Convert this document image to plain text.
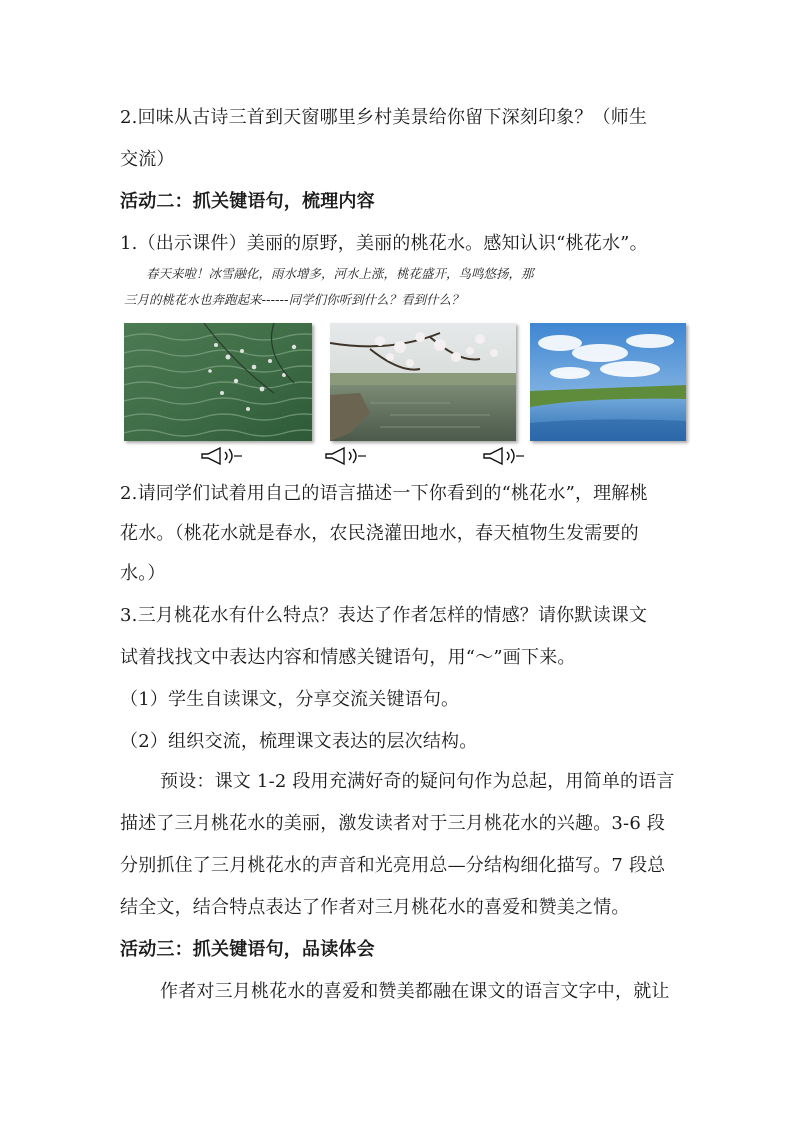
2.回味从古诗三首到天窗哪里乡村美景给你留下深刻印象？（师生
交流）
活动二：抓关键语句，梳理内容
1.（出示课件）美丽的原野，美丽的桃花水。感知认识“桃花水”。
春天来啦！冰雪融化，雨水增多，河水上涨，桃花盛开，鸟鸣悠扬，那
三月的桃花水也奔跑起来------同学们你听到什么？看到什么？
2.请同学们试着用自己的语言描述一下你看到的“桃花水”，理解桃
花水。（桃花水就是春水，农民浇灌田地水，春天植物生发需要的
水。）
3.三月桃花水有什么特点？表达了作者怎样的情感？请你默读课文
试着找找文中表达内容和情感关键语句，用“～”画下来。
（1）学生自读课文，分享交流关键语句。
（2）组织交流，梳理课文表达的层次结构。
预设：课文 1-2 段用充满好奇的疑问句作为总起，用简单的语言
描述了三月桃花水的美丽，激发读者对于三月桃花水的兴趣。3-6 段
分别抓住了三月桃花水的声音和光亮用总—分结构细化描写。7 段总
结全文，结合特点表达了作者对三月桃花水的喜爱和赞美之情。
活动三：抓关键语句，品读体会
作者对三月桃花水的喜爱和赞美都融在课文的语言文字中，就让
